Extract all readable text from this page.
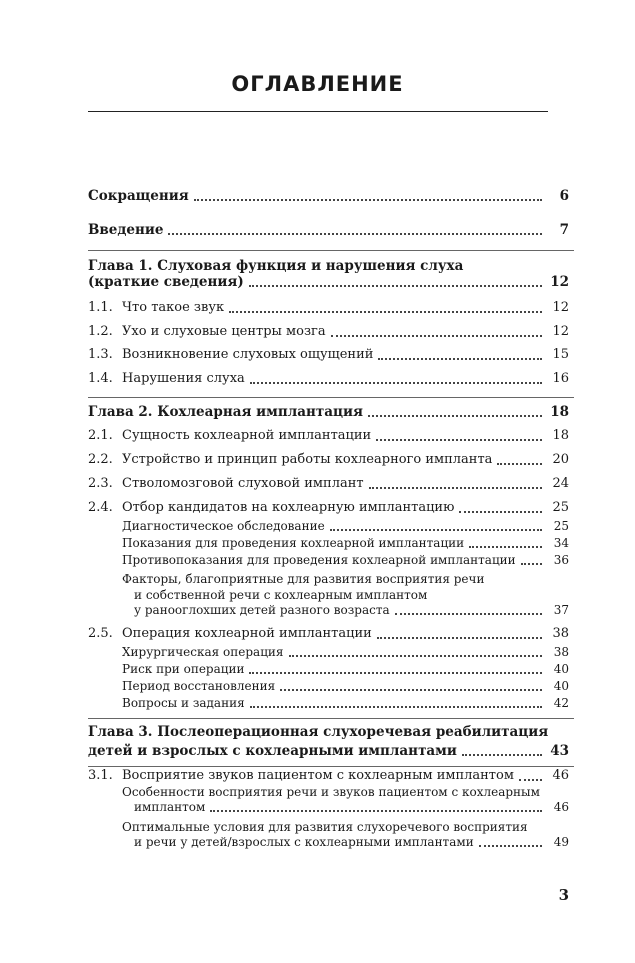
ОГЛАВЛЕНИЕ
Сокращения	6
Введение	7
Глава 1. Слуховая функция и нарушения слуха
(краткие сведения)	12
1.1. Что такое звук	12
1.2. Ухо и слуховые центры мозга	12
1.3. Возникновение слуховых ощущений	15
1.4. Нарушения слуха	16
Глава 2. Кохлеарная имплантация	18
2.1. Сущность кохлеарной имплантации	18
2.2. Устройство и принцип работы кохлеарного импланта	20
2.3. Стволомозговой слуховой имплант	24
2.4. Отбор кандидатов на кохлеарную имплантацию	25
Диагностическое обследование	25
Показания для проведения кохлеарной имплантации	34
Противопоказания для проведения кохлеарной имплантации	36
Факторы, благоприятные для развития восприятия речи
и собственной речи с кохлеарным имплантом
у ранооглохших детей разного возраста	37
2.5. Операция кохлеарной имплантации	38
Хирургическая операция	38
Риск при операции	40
Период восстановления	40
Вопросы и задания	42
Глава 3. Послеоперационная слухоречевая реабилитация
детей и взрослых с кохлеарными имплантами	43
3.1. Восприятие звуков пациентом с кохлеарным имплантом	46
Особенности восприятия речи и звуков пациентом с кохлеарным
имплантом	46
Оптимальные условия для развития слухоречевого восприятия
и речи у детей/взрослых с кохлеарными имплантами	49
3
